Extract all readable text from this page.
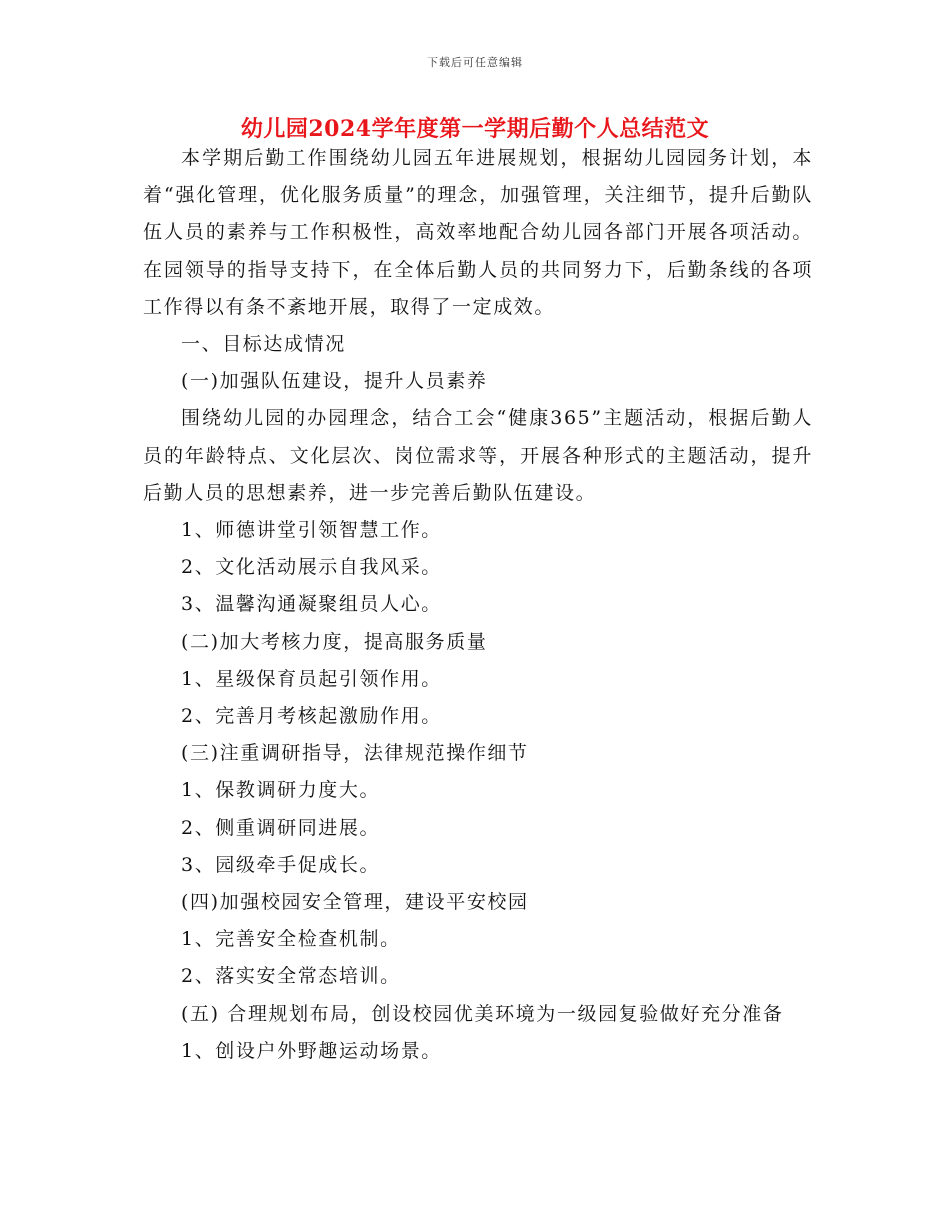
下载后可任意编辑
幼儿园2024学年度第一学期后勤个人总结范文

本学期后勤工作围绕幼儿园五年进展规划，根据幼儿园园务计划，本着“强化管理，优化服务质量”的理念，加强管理，关注细节，提升后勤队伍人员的素养与工作积极性，高效率地配合幼儿园各部门开展各项活动。在园领导的指导支持下，在全体后勤人员的共同努力下，后勤条线的各项工作得以有条不紊地开展，取得了一定成效。

一、目标达成情况

(一)加强队伍建设，提升人员素养

围绕幼儿园的办园理念，结合工会“健康365”主题活动，根据后勤人员的年龄特点、文化层次、岗位需求等，开展各种形式的主题活动，提升后勤人员的思想素养，进一步完善后勤队伍建设。

1、师德讲堂引领智慧工作。

2、文化活动展示自我风采。

3、温馨沟通凝聚组员人心。

(二)加大考核力度，提高服务质量

1、星级保育员起引领作用。

2、完善月考核起激励作用。

(三)注重调研指导，法律规范操作细节

1、保教调研力度大。

2、侧重调研同进展。

3、园级牵手促成长。

(四)加强校园安全管理，建设平安校园

1、完善安全检查机制。

2、落实安全常态培训。

(五) 合理规划布局，创设校园优美环境为一级园复验做好充分准备

1、创设户外野趣运动场景。
